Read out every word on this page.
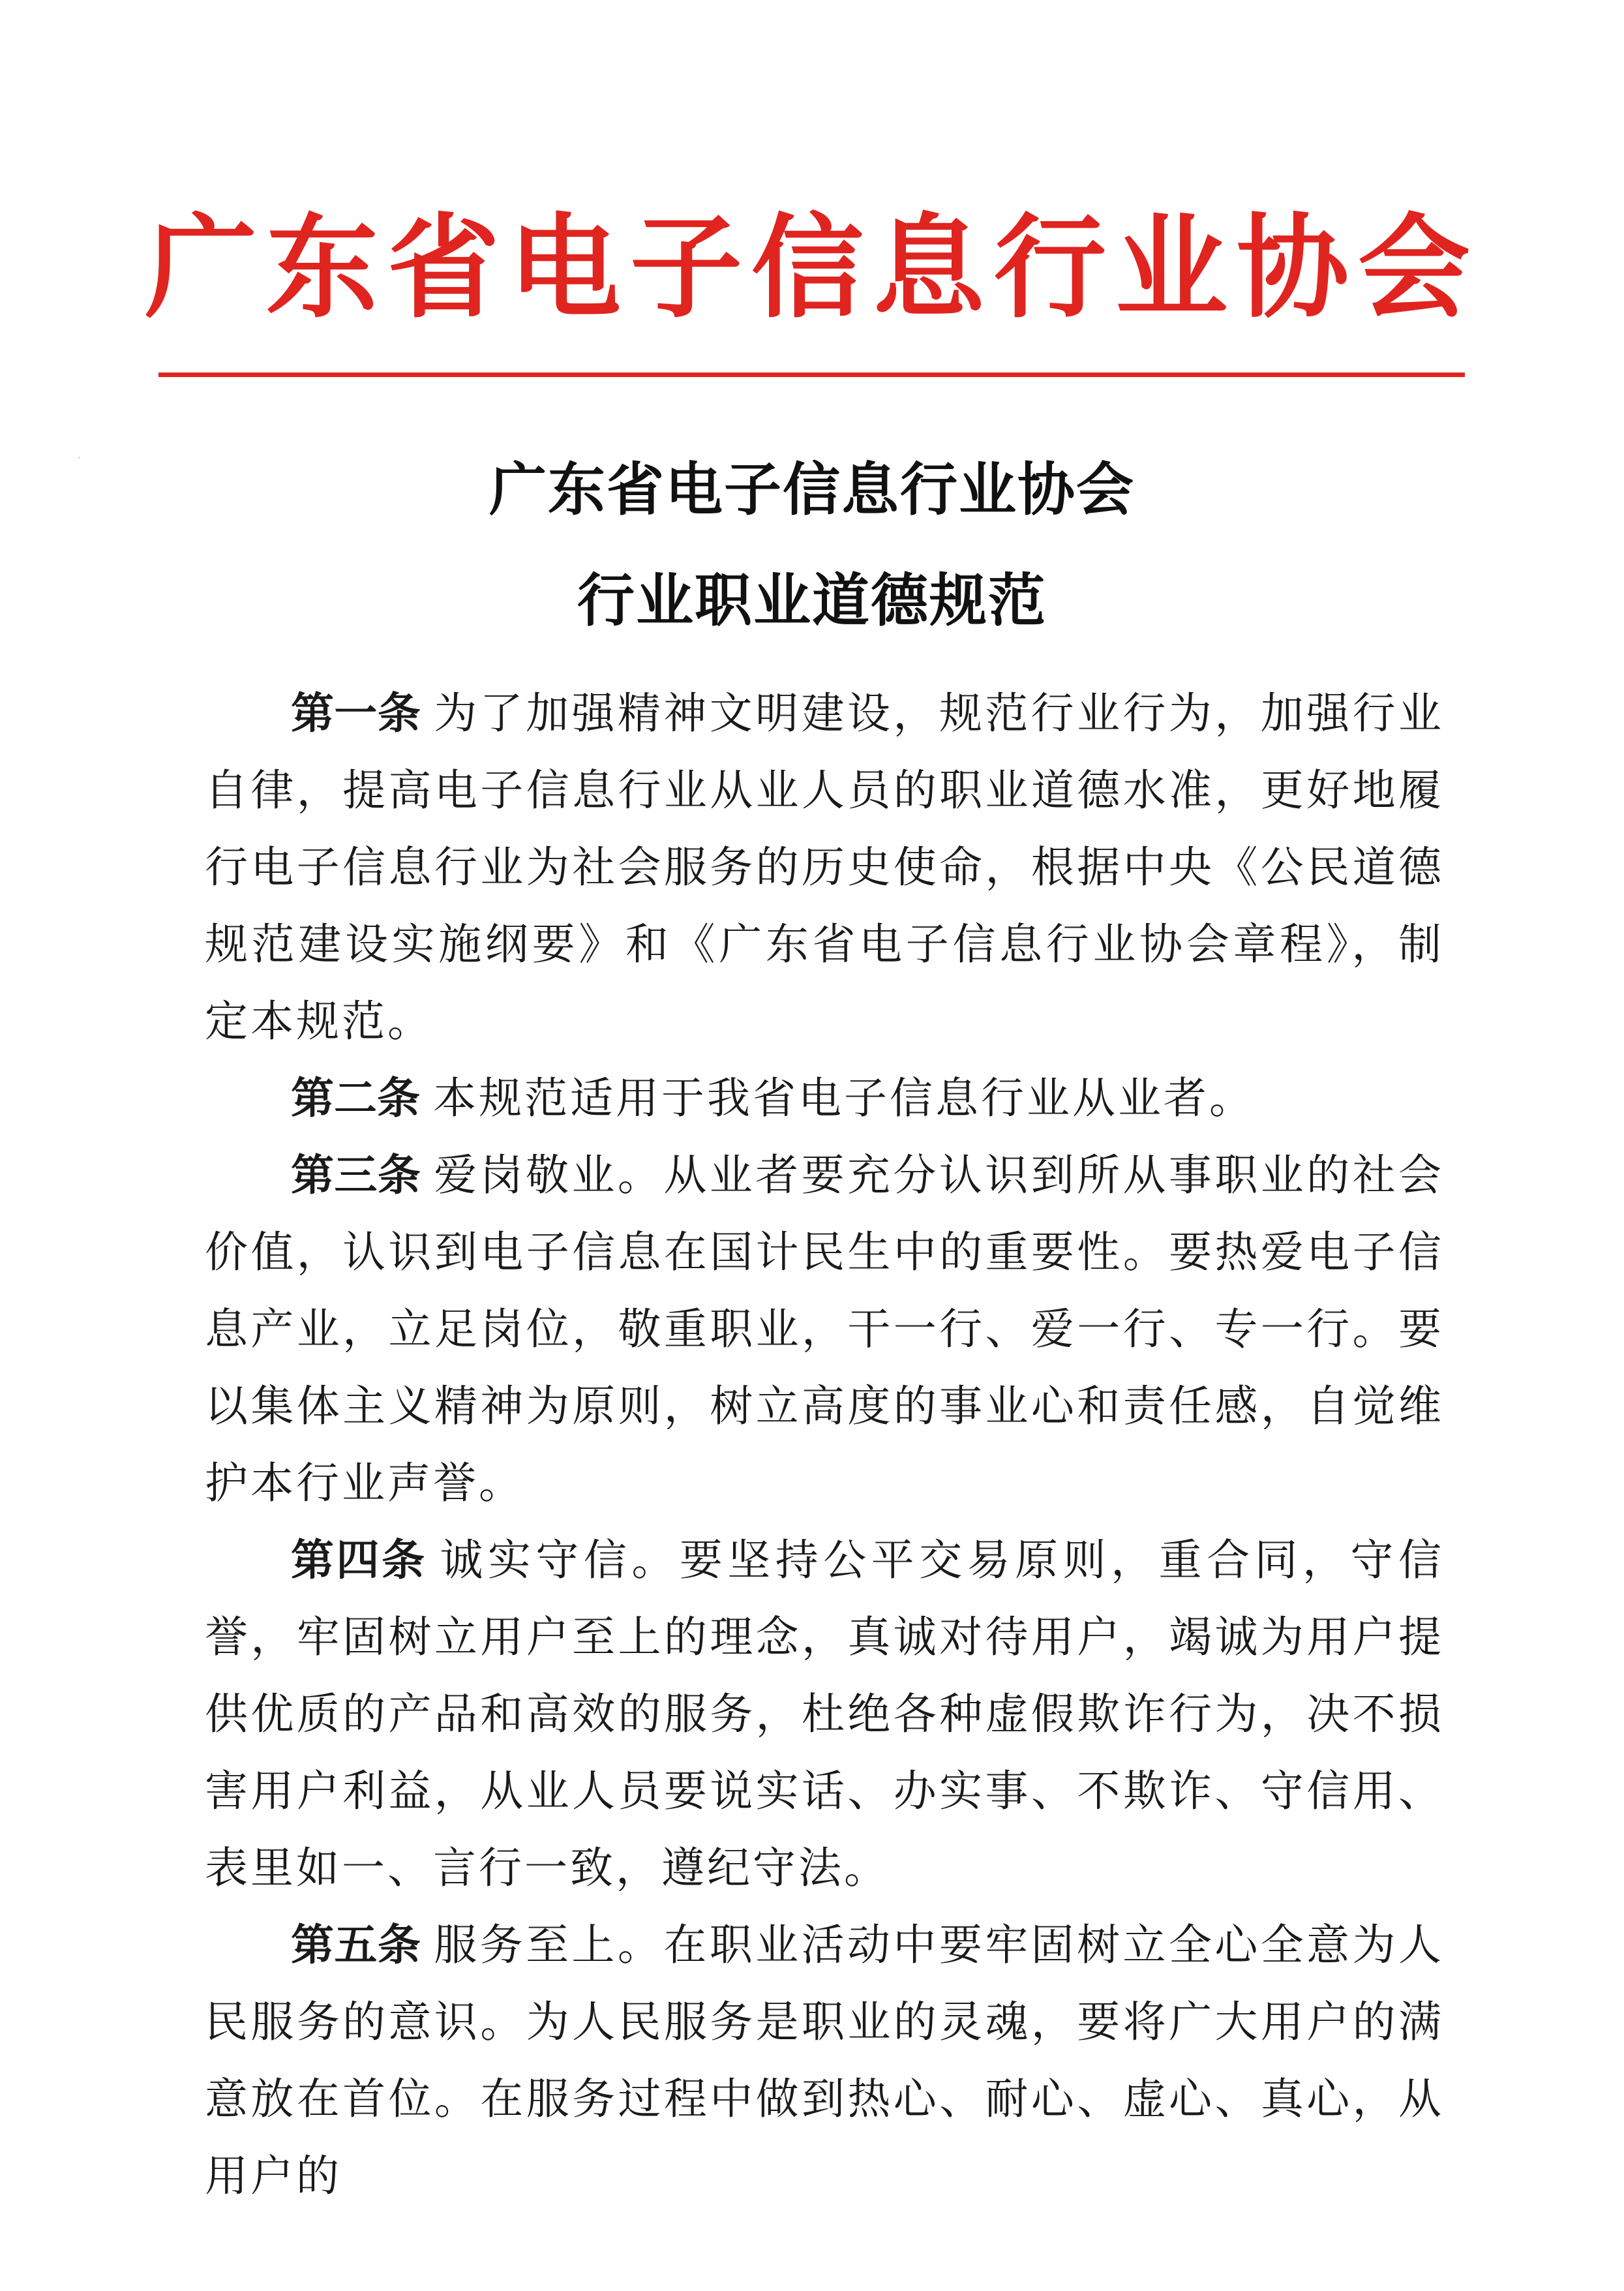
广东省电子信息行业协会
广东省电子信息行业协会
行业职业道德规范

第一条 为了加强精神文明建设，规范行业行为，加强行业自律，提高电子信息行业从业人员的职业道德水准，更好地履行电子信息行业为社会服务的历史使命，根据中央《公民道德规范建设实施纲要》和《广东省电子信息行业协会章程》，制定本规范。

第二条 本规范适用于我省电子信息行业从业者。

第三条 爱岗敬业。从业者要充分认识到所从事职业的社会价值，认识到电子信息在国计民生中的重要性。要热爱电子信息产业，立足岗位，敬重职业，干一行、爱一行、专一行。要以集体主义精神为原则，树立高度的事业心和责任感，自觉维护本行业声誉。

第四条 诚实守信。要坚持公平交易原则，重合同，守信誉，牢固树立用户至上的理念，真诚对待用户，竭诚为用户提供优质的产品和高效的服务，杜绝各种虚假欺诈行为，决不损害用户利益，从业人员要说实话、办实事、不欺诈、守信用、表里如一、言行一致，遵纪守法。

第五条 服务至上。在职业活动中要牢固树立全心全意为人民服务的意识。为人民服务是职业的灵魂，要将广大用户的满意放在首位。在服务过程中做到热心、耐心、虚心、真心，从用户的
